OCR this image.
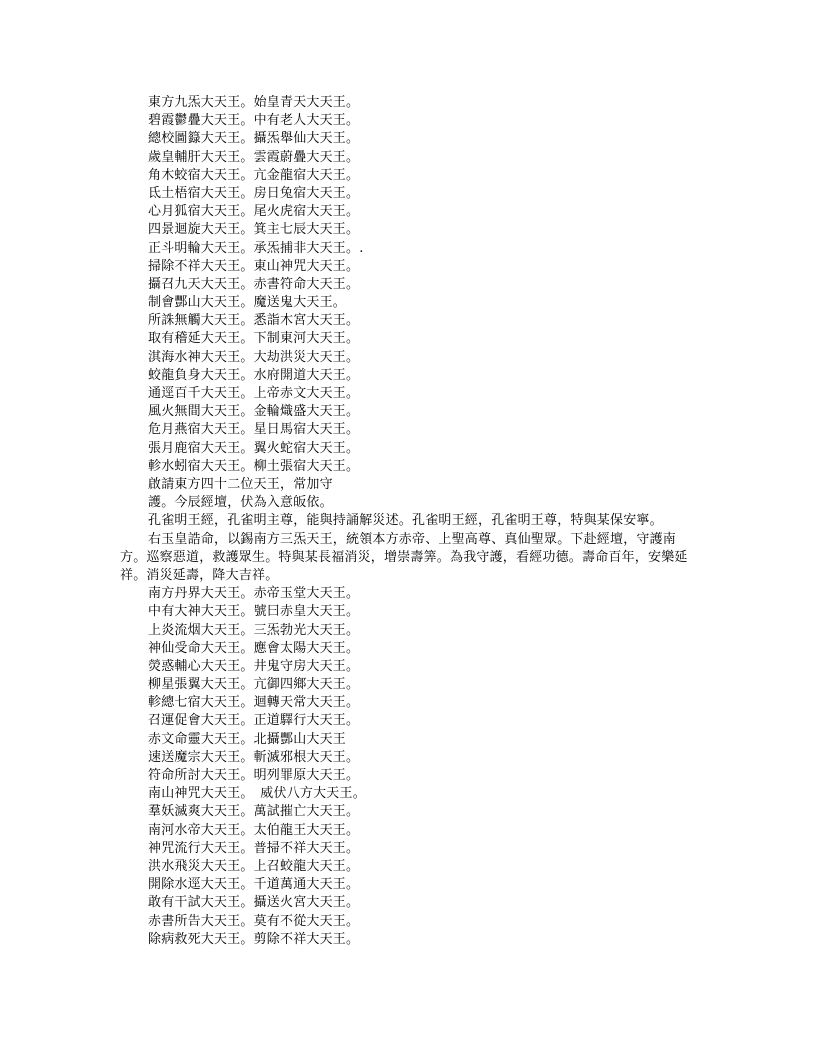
東方九炁大天王。始皇青天大天王。
碧霞鬱疊大天王。中有老人大天王。
總校圖籙大天王。攝炁舉仙大天王。
歲皇輔肝大天王。雲霞蔚疊大天王。
角木蛟宿大天王。亢金龍宿大天王。
氐土梧宿大天王。房日兔宿大天王。
心月狐宿大天王。尾火虎宿大天王。
四景迴旋大天王。箕主七辰大天王。
正斗明輪大天王。承炁捕非大天王。.
掃除不祥大天王。東山神咒大天王。
攝召九天大天王。赤書符命大天王。
制會酆山大天王。魔送鬼大天王。
所誅無觸大天王。悉詣木宮大天王。
取有稽延大天王。下制東河大天王。
淇海水神大天王。大劫洪災大天王。
蛟龍負身大天王。水府開道大天王。
通逕百千大天王。上帝赤文大天王。
風火無間大天王。金輪熾盛大天王。
危月燕宿大天王。星日馬宿大天王。
張月鹿宿大天王。翼火蛇宿大天王。
軫水蚓宿大天王。柳土張宿大天王。
啟請東方四十二位天王，常加守
護。今辰經壇，伏為入意皈依。
孔雀明王經，孔雀明主尊，能與持誦解災述。孔雀明王經，孔雀明王尊，特與某保安寧。
右玉皇誥命，以錫南方三炁天王，統領本方赤帝、上聖高尊、真仙聖眾。下赴經壇，守護南方。巡察惡道，救護眾生。特與某長福消災，增崇壽筭。為我守護，看經功德。壽命百年，安樂延祥。消災延壽，降大吉祥。
南方丹界大天王。赤帝玉堂大天王。
中有大神大天王。號曰赤皇大天王。
上炎流烟大天王。三炁勃光大天王。
神仙受命大天王。應會太陽大天王。
熒惑輔心大天王。井鬼守房大天王。
柳星張翼大天王。亢御四鄉大天王。
軫總七宿大天王。迴轉天常大天王。
召運促會大天王。正道驛行大天王。
赤文命靈大天王。北攝酆山大天王
速送魔宗大天王。斬滅邪根大天王。
符命所討大天王。明列罪原大天王。
南山神咒大天王。　威伏八方大天王。
羣妖滅爽大天王。萬試摧亡大天王。
南河水帝大天王。太伯龍王大天王。
神咒流行大天王。普掃不祥大天王。
洪水飛災大天王。上召蛟龍大天王。
開除水逕大天王。千道萬通大天王。
敢有干試大天王。攝送火宮大天王。
赤書所告大天王。莫有不從大天王。
除病救死大天王。剪除不祥大天王。
